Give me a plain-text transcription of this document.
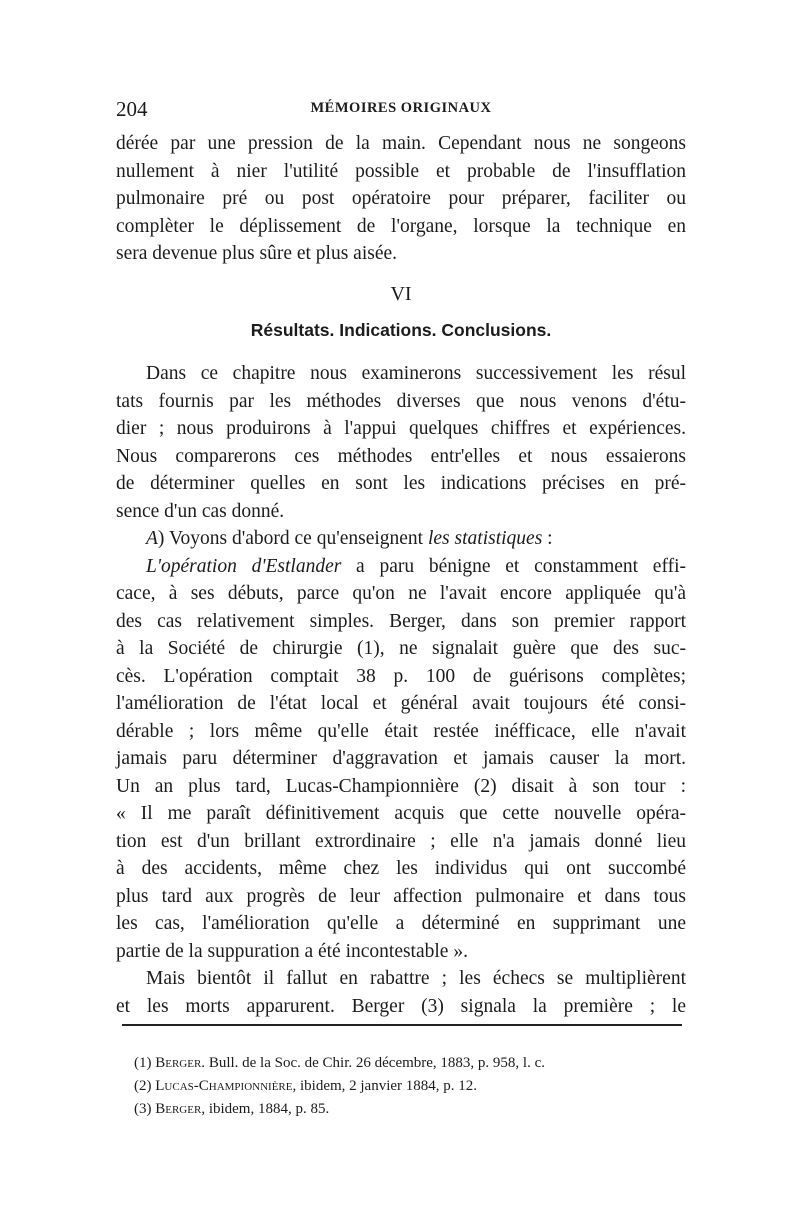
204	MÉMOIRES ORIGINAUX
dérée par une pression de la main. Cependant nous ne songeons
nullement à nier l'utilité possible et probable de l'insufflation
pulmonaire pré ou post opératoire pour préparer, faciliter ou
complèter le déplissement de l'organe, lorsque la technique en
sera devenue plus sûre et plus aisée.
VI
Résultats. Indications. Conclusions.
Dans ce chapitre nous examinerons successivement les résul
tats fournis par les méthodes diverses que nous venons d'étu-
dier ; nous produirons à l'appui quelques chiffres et expériences.
Nous comparerons ces méthodes entr'elles et nous essaierons
de déterminer quelles en sont les indications précises en pré-
sence d'un cas donné.
A) Voyons d'abord ce qu'enseignent les statistiques :
L'opération d'Estlander a paru bénigne et constamment effi-
cace, à ses débuts, parce qu'on ne l'avait encore appliquée qu'à
des cas relativement simples. Berger, dans son premier rapport
à la Société de chirurgie (1), ne signalait guère que des suc-
cès. L'opération comptait 38 p. 100 de guérisons complètes;
l'amélioration de l'état local et général avait toujours été consi-
dérable ; lors même qu'elle était restée inéfficace, elle n'avait
jamais paru déterminer d'aggravation et jamais causer la mort.
Un an plus tard, Lucas-Championnière (2) disait à son tour :
« Il me paraît définitivement acquis que cette nouvelle opéra-
tion est d'un brillant extrordinaire ; elle n'a jamais donné lieu
à des accidents, même chez les individus qui ont succombé
plus tard aux progrès de leur affection pulmonaire et dans tous
les cas, l'amélioration qu'elle a déterminé en supprimant une
partie de la suppuration a été incontestable ».
Mais bientôt il fallut en rabattre ; les échecs se multiplièrent
et les morts apparurent. Berger (3) signala la première ; le
(1) Berger. Bull. de la Soc. de Chir. 26 décembre, 1883, p. 958, l. c.
(2) Lucas-Championnière, ibidem, 2 janvier 1884, p. 12.
(3) Berger, ibidem, 1884, p. 85.
